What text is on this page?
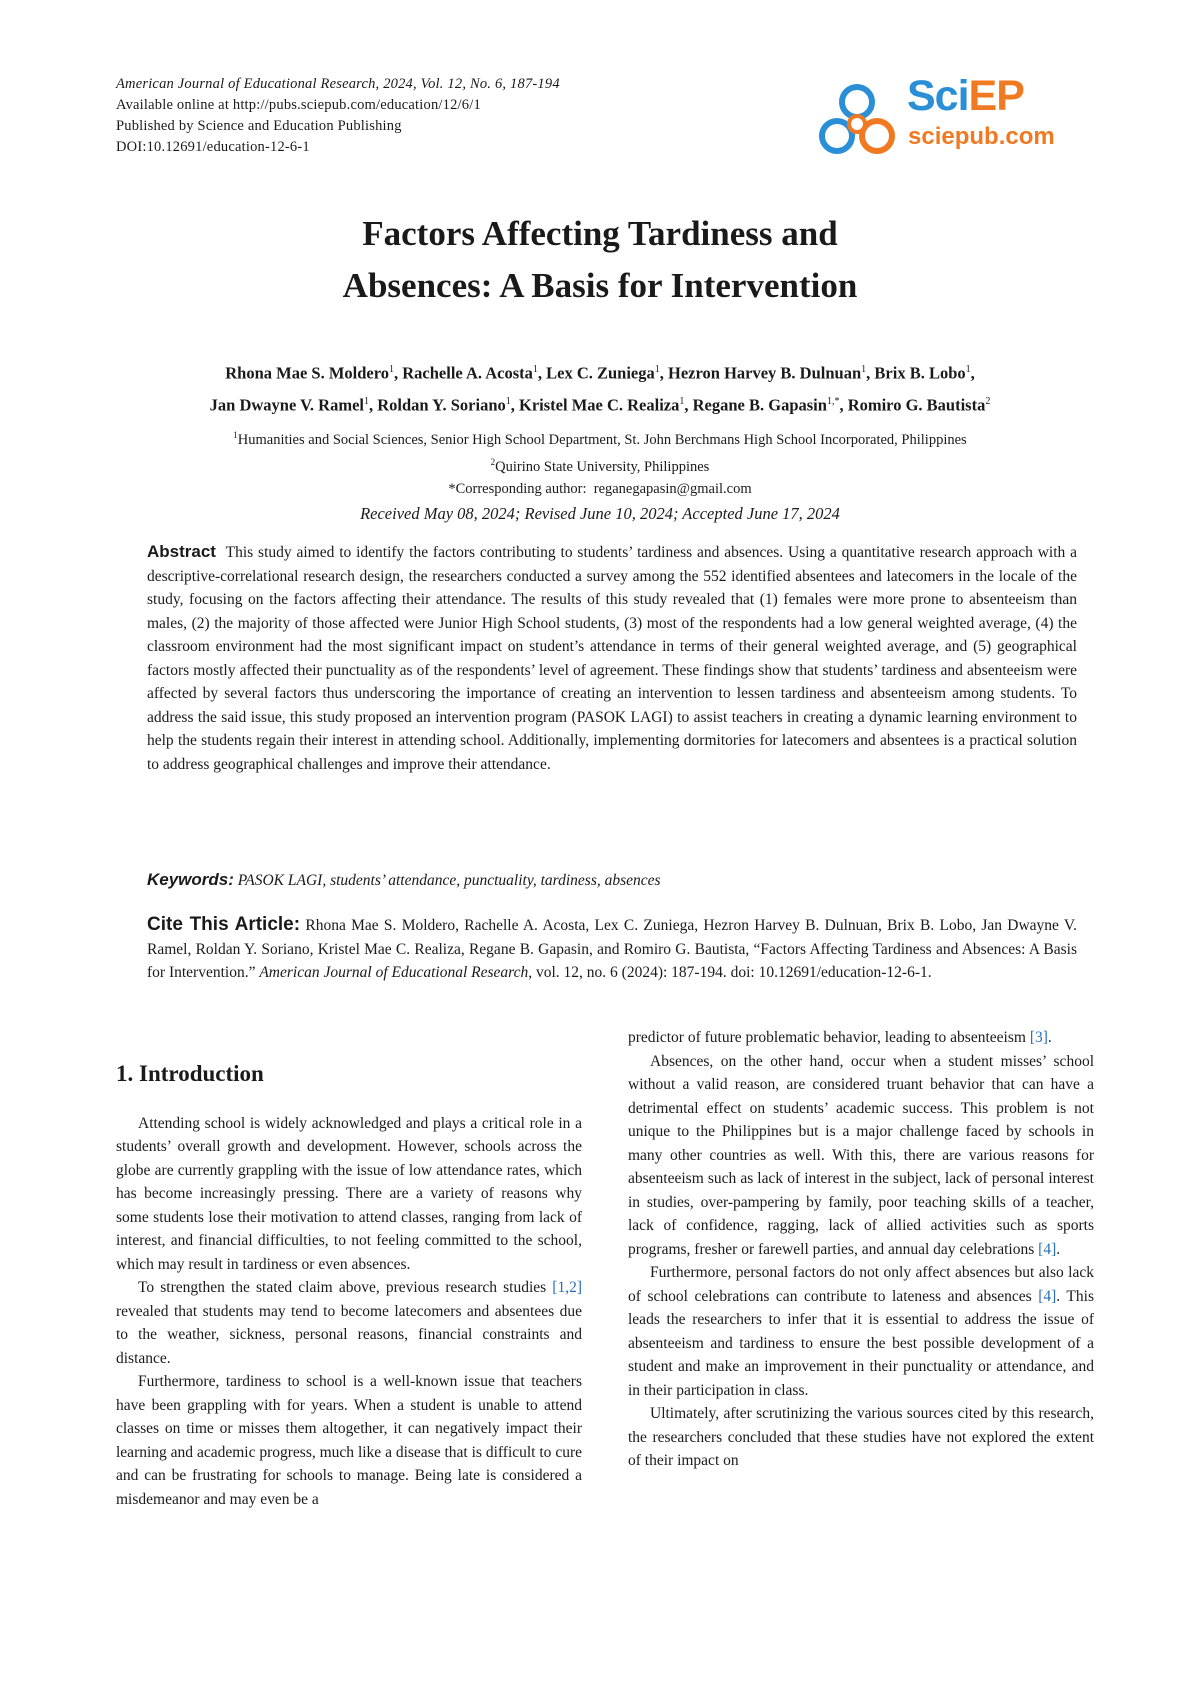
American Journal of Educational Research, 2024, Vol. 12, No. 6, 187-194
Available online at http://pubs.sciepub.com/education/12/6/1
Published by Science and Education Publishing
DOI:10.12691/education-12-6-1
SciEP
sciepub.com
Factors Affecting Tardiness and
Absences: A Basis for Intervention
Rhona Mae S. Moldero$^1$, Rachelle A. Acosta$^1$, Lex C. Zuniega$^1$, Hezron Harvey B. Dulnuan$^1$, Brix B. Lobo$^1$,
Jan Dwayne V. Ramel$^1$, Roldan Y. Soriano$^1$, Kristel Mae C. Realiza$^1$, Regane B. Gapasin$^{1,*}$, Romiro G. Bautista$^2$
$^1$Humanities and Social Sciences, Senior High School Department, St. John Berchmans High School Incorporated, Philippines
$^2$Quirino State University, Philippines
*Corresponding author: reganegapasin@gmail.com
Received May 08, 2024; Revised June 10, 2024; Accepted June 17, 2024
Abstract This study aimed to identify the factors contributing to students’ tardiness and absences. Using a quantitative research approach with a descriptive-correlational research design, the researchers conducted a survey among the 552 identified absentees and latecomers in the locale of the study, focusing on the factors affecting their attendance. The results of this study revealed that (1) females were more prone to absenteeism than males, (2) the majority of those affected were Junior High School students, (3) most of the respondents had a low general weighted average, (4) the classroom environment had the most significant impact on student’s attendance in terms of their general weighted average, and (5) geographical factors mostly affected their punctuality as of the respondents’ level of agreement. These findings show that students’ tardiness and absenteeism were affected by several factors thus underscoring the importance of creating an intervention to lessen tardiness and absenteeism among students. To address the said issue, this study proposed an intervention program (PASOK LAGI) to assist teachers in creating a dynamic learning environment to help the students regain their interest in attending school. Additionally, implementing dormitories for latecomers and absentees is a practical solution to address geographical challenges and improve their attendance.
Keywords: PASOK LAGI, students’ attendance, punctuality, tardiness, absences
Cite This Article: Rhona Mae S. Moldero, Rachelle A. Acosta, Lex C. Zuniega, Hezron Harvey B. Dulnuan, Brix B. Lobo, Jan Dwayne V. Ramel, Roldan Y. Soriano, Kristel Mae C. Realiza, Regane B. Gapasin, and Romiro G. Bautista, “Factors Affecting Tardiness and Absences: A Basis for Intervention.” American Journal of Educational Research, vol. 12, no. 6 (2024): 187-194. doi: 10.12691/education-12-6-1.
1. Introduction

Attending school is widely acknowledged and plays a critical role in a students’ overall growth and development. However, schools across the globe are currently grappling with the issue of low attendance rates, which has become increasingly pressing. There are a variety of reasons why some students lose their motivation to attend classes, ranging from lack of interest, and financial difficulties, to not feeling committed to the school, which may result in tardiness or even absences.

To strengthen the stated claim above, previous research studies [1,2] revealed that students may tend to become latecomers and absentees due to the weather, sickness, personal reasons, financial constraints and distance.

Furthermore, tardiness to school is a well-known issue that teachers have been grappling with for years. When a student is unable to attend classes on time or misses them altogether, it can negatively impact their learning and academic progress, much like a disease that is difficult to cure and can be frustrating for schools to manage. Being late is considered a misdemeanor and may even be a

predictor of future problematic behavior, leading to absenteeism [3].

Absences, on the other hand, occur when a student misses’ school without a valid reason, are considered truant behavior that can have a detrimental effect on students’ academic success. This problem is not unique to the Philippines but is a major challenge faced by schools in many other countries as well. With this, there are various reasons for absenteeism such as lack of interest in the subject, lack of personal interest in studies, over-pampering by family, poor teaching skills of a teacher, lack of confidence, ragging, lack of allied activities such as sports programs, fresher or farewell parties, and annual day celebrations [4].

Furthermore, personal factors do not only affect absences but also lack of school celebrations can contribute to lateness and absences [4]. This leads the researchers to infer that it is essential to address the issue of absenteeism and tardiness to ensure the best possible development of a student and make an improvement in their punctuality or attendance, and in their participation in class.

Ultimately, after scrutinizing the various sources cited by this research, the researchers concluded that these studies have not explored the extent of their impact on
